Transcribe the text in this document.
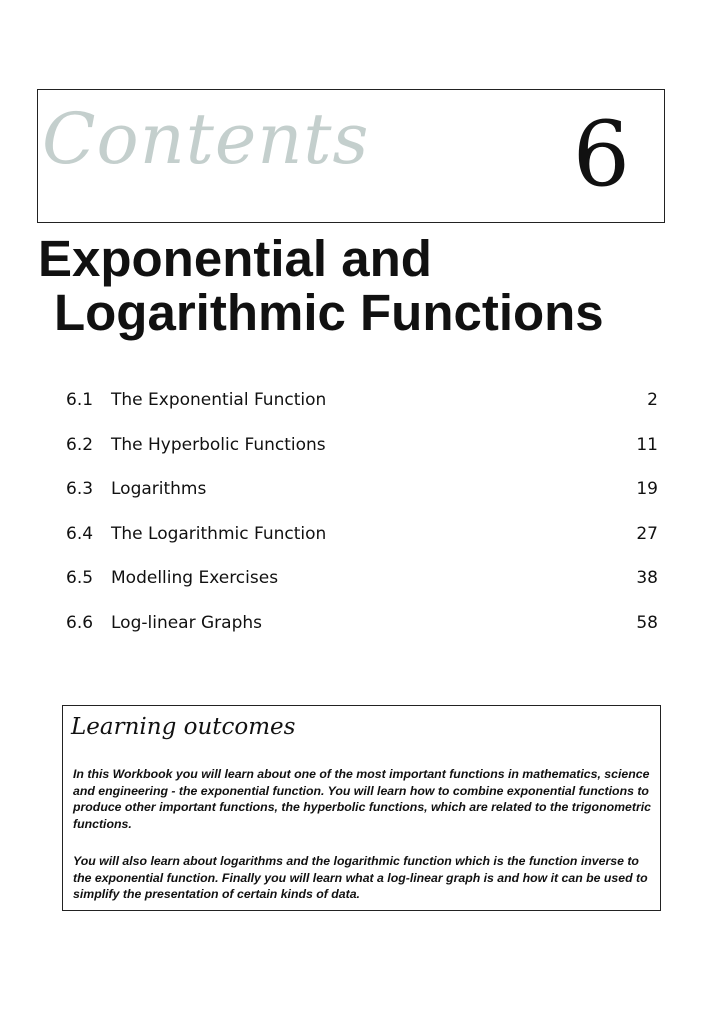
Contents 6
Exponential and
Logarithmic Functions
6.1 The Exponential Function	2
6.2 The Hyperbolic Functions	11
6.3 Logarithms	19
6.4 The Logarithmic Function	27
6.5 Modelling Exercises	38
6.6 Log-linear Graphs	58
Learning outcomes

In this Workbook you will learn about one of the most important functions in mathematics, science and engineering - the exponential function. You will learn how to combine exponential functions to produce other important functions, the hyperbolic functions, which are related to the trigonometric functions.

You will also learn about logarithms and the logarithmic function which is the function inverse to the exponential function. Finally you will learn what a log-linear graph is and how it can be used to simplify the presentation of certain kinds of data.
